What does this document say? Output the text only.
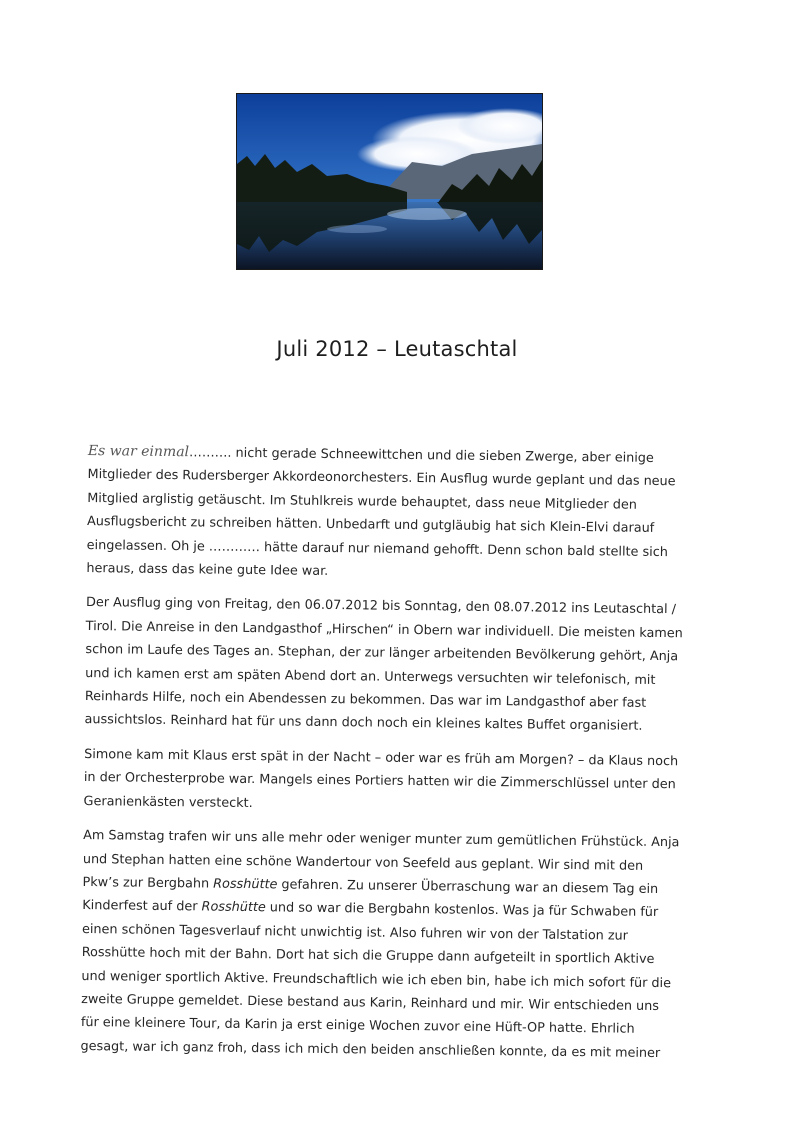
Juli 2012 – Leutaschtal

Es war einmal………. nicht gerade Schneewittchen und die sieben Zwerge, aber einige
Mitglieder des Rudersberger Akkordeonorchesters. Ein Ausflug wurde geplant und das neue
Mitglied arglistig getäuscht. Im Stuhlkreis wurde behauptet, dass neue Mitglieder den
Ausflugsbericht zu schreiben hätten. Unbedarft und gutgläubig hat sich Klein-Elvi darauf
eingelassen. Oh je ………… hätte darauf nur niemand gehofft. Denn schon bald stellte sich
heraus, dass das keine gute Idee war.

Der Ausflug ging von Freitag, den 06.07.2012 bis Sonntag, den 08.07.2012 ins Leutaschtal /
Tirol. Die Anreise in den Landgasthof „Hirschen“ in Obern war individuell. Die meisten kamen
schon im Laufe des Tages an. Stephan, der zur länger arbeitenden Bevölkerung gehört, Anja
und ich kamen erst am späten Abend dort an. Unterwegs versuchten wir telefonisch, mit
Reinhards Hilfe, noch ein Abendessen zu bekommen. Das war im Landgasthof aber fast
aussichtslos. Reinhard hat für uns dann doch noch ein kleines kaltes Buffet organisiert.

Simone kam mit Klaus erst spät in der Nacht – oder war es früh am Morgen? – da Klaus noch
in der Orchesterprobe war. Mangels eines Portiers hatten wir die Zimmerschlüssel unter den
Geranienkästen versteckt.

Am Samstag trafen wir uns alle mehr oder weniger munter zum gemütlichen Frühstück. Anja
und Stephan hatten eine schöne Wandertour von Seefeld aus geplant. Wir sind mit den
Pkw’s zur Bergbahn Rosshütte gefahren. Zu unserer Überraschung war an diesem Tag ein
Kinderfest auf der Rosshütte und so war die Bergbahn kostenlos. Was ja für Schwaben für
einen schönen Tagesverlauf nicht unwichtig ist. Also fuhren wir von der Talstation zur
Rosshütte hoch mit der Bahn. Dort hat sich die Gruppe dann aufgeteilt in sportlich Aktive
und weniger sportlich Aktive. Freundschaftlich wie ich eben bin, habe ich mich sofort für die
zweite Gruppe gemeldet. Diese bestand aus Karin, Reinhard und mir. Wir entschieden uns
für eine kleinere Tour, da Karin ja erst einige Wochen zuvor eine Hüft-OP hatte. Ehrlich
gesagt, war ich ganz froh, dass ich mich den beiden anschließen konnte, da es mit meiner
